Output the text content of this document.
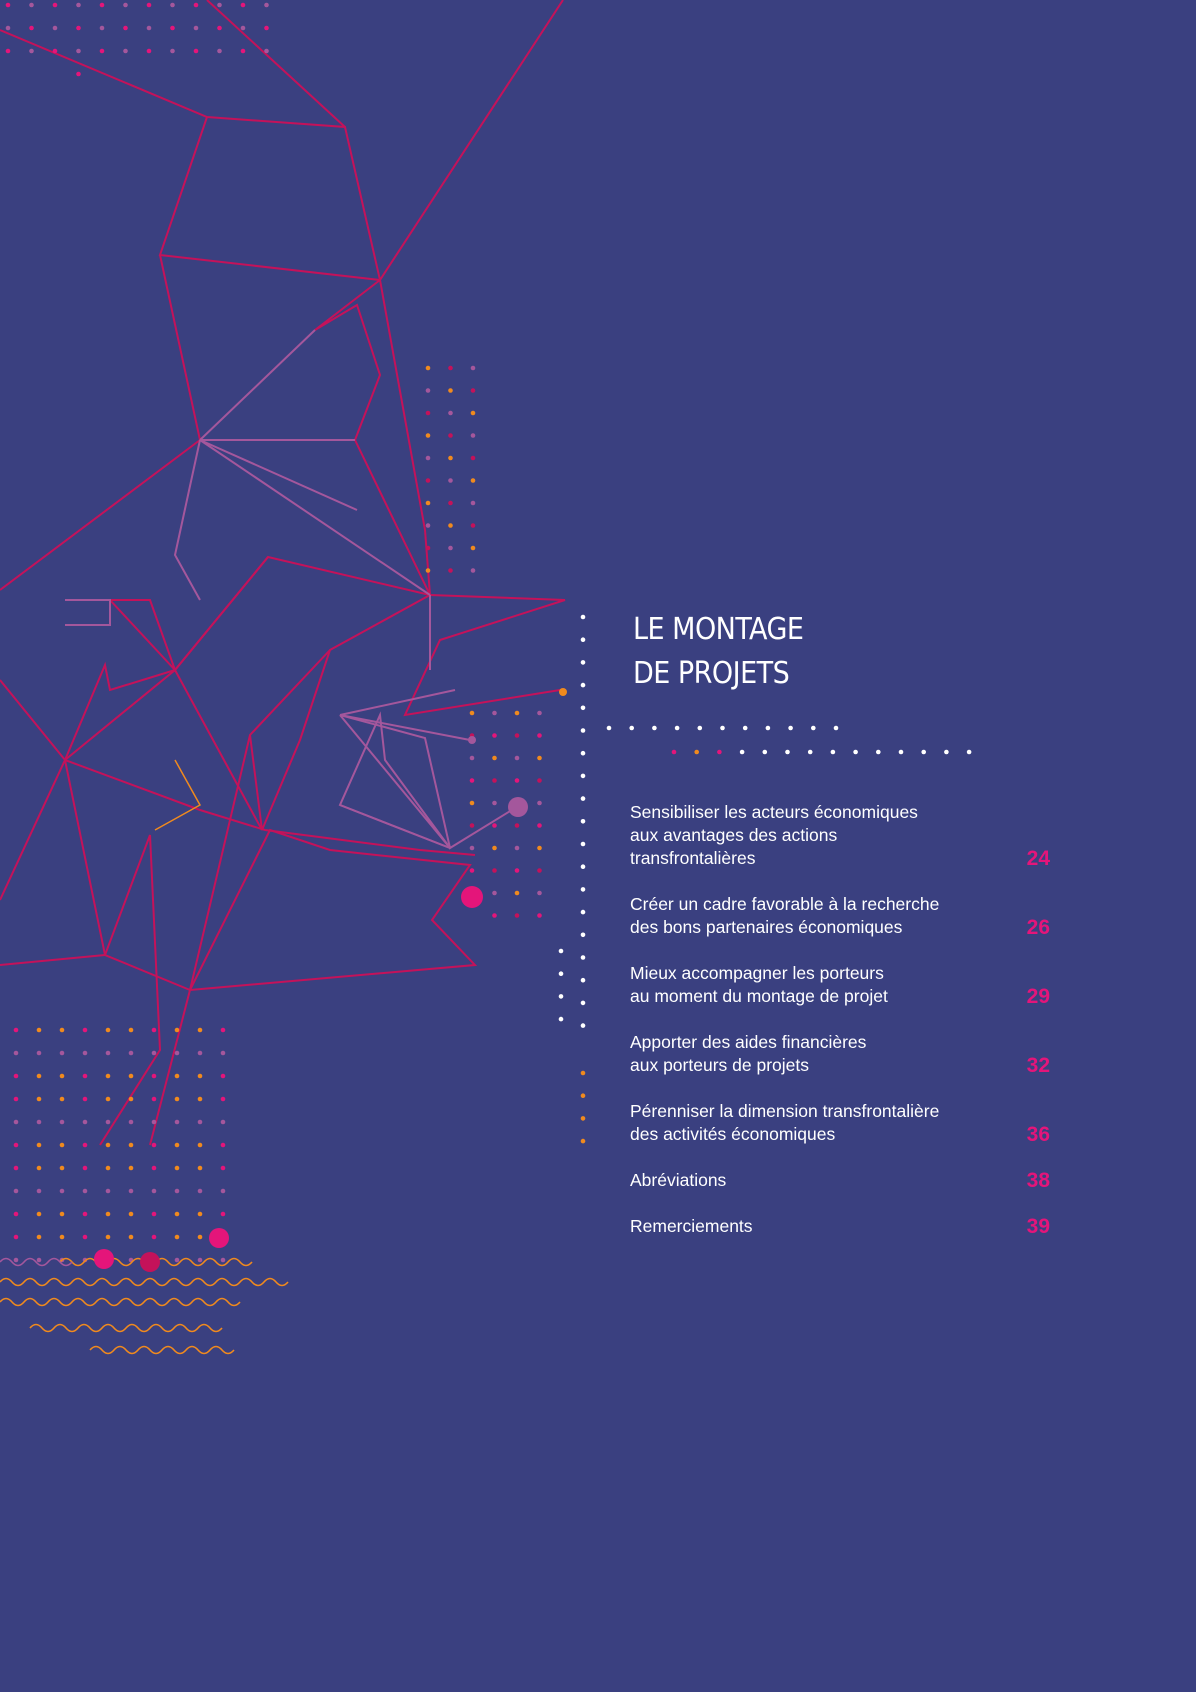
LE MONTAGE
DE PROJETS
Sensibiliser les acteurs économiques
aux avantages des actions
transfrontalières	24
Créer un cadre favorable à la recherche
des bons partenaires économiques	26
Mieux accompagner les porteurs
au moment du montage de projet	29
Apporter des aides financières
aux porteurs de projets	32
Pérenniser la dimension transfrontalière
des activités économiques	36
Abréviations	38
Remerciements	39
